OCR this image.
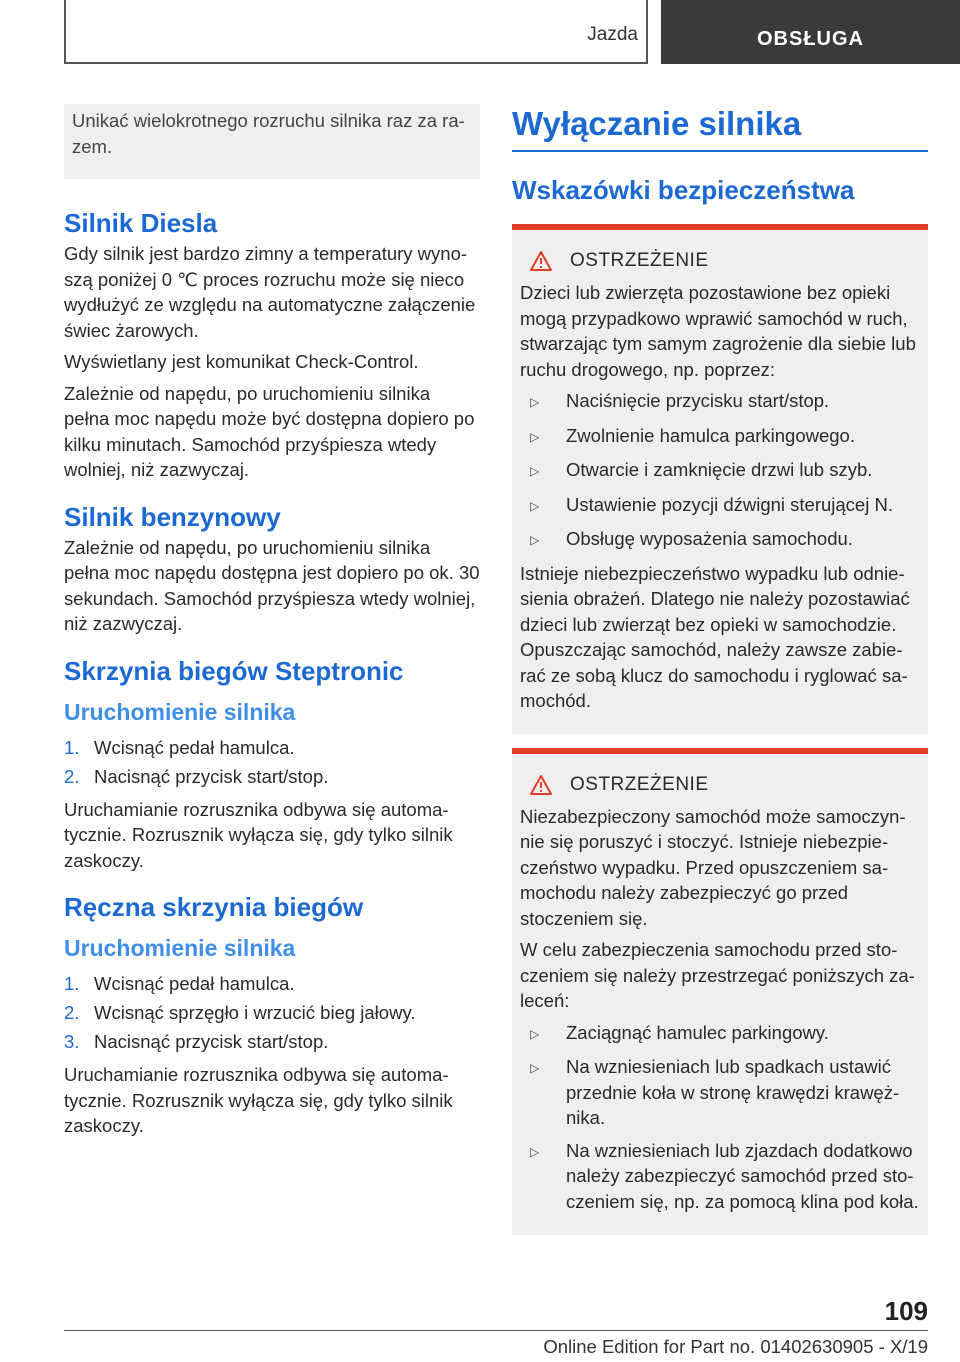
Jazda	OBSŁUGA

Unikać wielokrotnego rozruchu silnika raz za razem.

Silnik Diesla

Gdy silnik jest bardzo zimny a temperatury wynoszą poniżej 0 ℃ proces rozruchu może się nieco wydłużyć ze względu na automatyczne załączenie świec żarowych.

Wyświetlany jest komunikat Check-Control.

Zależnie od napędu, po uruchomieniu silnika pełna moc napędu może być dostępna dopiero po kilku minutach. Samochód przyśpiesza wtedy wolniej, niż zazwyczaj.

Silnik benzynowy

Zależnie od napędu, po uruchomieniu silnika pełna moc napędu dostępna jest dopiero po ok. 30 sekundach. Samochód przyśpiesza wtedy wolniej, niż zazwyczaj.

Skrzynia biegów Steptronic
Uruchomienie silnika
1. Wcisnąć pedał hamulca.
2. Nacisnąć przycisk start/stop.

Uruchamianie rozrusznika odbywa się automatycznie. Rozrusznik wyłącza się, gdy tylko silnik zaskoczy.

Ręczna skrzynia biegów
Uruchomienie silnika
1. Wcisnąć pedał hamulca.
2. Wcisnąć sprzęgło i wrzucić bieg jałowy.
3. Nacisnąć przycisk start/stop.

Uruchamianie rozrusznika odbywa się automatycznie. Rozrusznik wyłącza się, gdy tylko silnik zaskoczy.

Wyłączanie silnika
Wskazówki bezpieczeństwa
OSTRZEŻENIE

Dzieci lub zwierzęta pozostawione bez opieki mogą przypadkowo wprawić samochód w ruch, stwarzając tym samym zagrożenie dla siebie lub ruchu drogowego, np. poprzez:

▷	Naciśnięcie przycisku start/stop.
▷	Zwolnienie hamulca parkingowego.
▷	Otwarcie i zamknięcie drzwi lub szyb.
▷	Ustawienie pozycji dźwigni sterującej N.
▷	Obsługę wyposażenia samochodu.

Istnieje niebezpieczeństwo wypadku lub odniesienia obrażeń. Dlatego nie należy pozostawiać dzieci lub zwierząt bez opieki w samochodzie. Opuszczając samochód, należy zawsze zabierać ze sobą klucz do samochodu i ryglować samochód.

OSTRZEŻENIE

Niezabezpieczony samochód może samoczynnie się poruszyć i stoczyć. Istnieje niebezpieczeństwo wypadku. Przed opuszczeniem samochodu należy zabezpieczyć go przed stoczeniem się.

W celu zabezpieczenia samochodu przed stoczeniem się należy przestrzegać poniższych zaleceń:

▷	Zaciągnąć hamulec parkingowy.
▷	Na wzniesieniach lub spadkach ustawić przednie koła w stronę krawędzi krawężnika.
▷	Na wzniesieniach lub zjazdach dodatkowo należy zabezpieczyć samochód przed stoczeniem się, np. za pomocą klina pod koła.
109
Online Edition for Part no. 01402630905 - X/19
